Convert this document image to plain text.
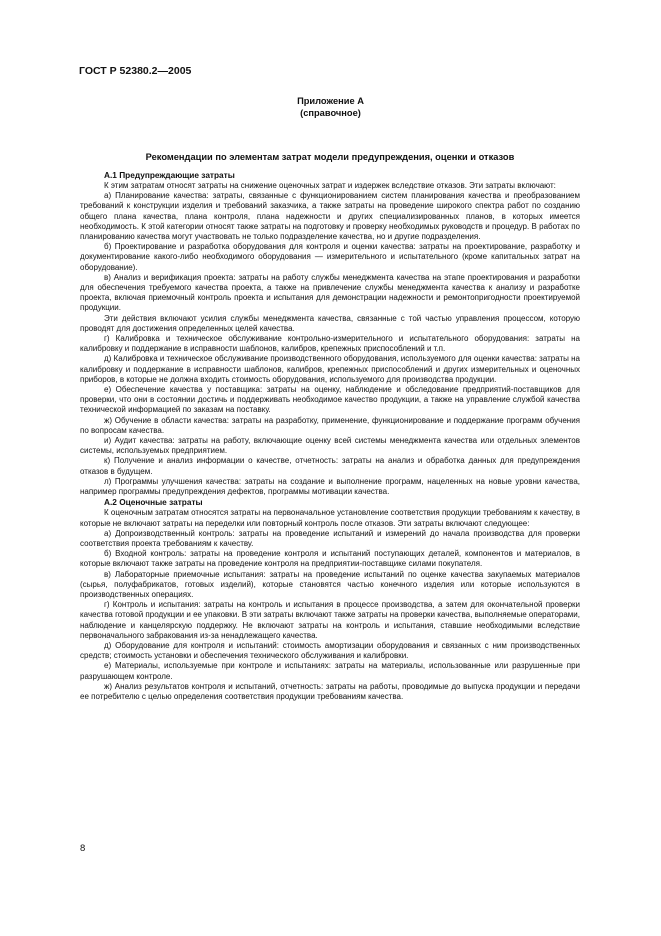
ГОСТ Р 52380.2—2005
Приложение А
(справочное)
Рекомендации по элементам затрат модели предупреждения, оценки и отказов
А.1 Предупреждающие затраты

К этим затратам относят затраты на снижение оценочных затрат и издержек вследствие отказов. Эти затраты включают:

а) Планирование качества: затраты, связанные с функционированием систем планирования качества и преобразованием требований к конструкции изделия и требований заказчика, а также затраты на проведение широкого спектра работ по созданию общего плана качества, плана контроля, плана надежности и других специализированных планов, в которых имеется необходимость. К этой категории относят также затраты на подготовку и проверку необходимых руководств и процедур. В работах по планированию качества могут участвовать не только подразделение качества, но и другие подразделения.

б) Проектирование и разработка оборудования для контроля и оценки качества: затраты на проектирование, разработку и документирование какого-либо необходимого оборудования — измерительного и испытательного (кроме капитальных затрат на оборудование).

в) Анализ и верификация проекта: затраты на работу службы менеджмента качества на этапе проектирования и разработки для обеспечения требуемого качества проекта, а также на привлечение службы менеджмента качества к анализу и разработке проекта, включая приемочный контроль проекта и испытания для демонстрации надежности и ремонтопригодности проектируемой продукции.

Эти действия включают усилия службы менеджмента качества, связанные с той частью управления процессом, которую проводят для достижения определенных целей качества.

г) Калибровка и техническое обслуживание контрольно-измерительного и испытательного оборудования: затраты на калибровку и поддержание в исправности шаблонов, калибров, крепежных приспособлений и т.п.

д) Калибровка и техническое обслуживание производственного оборудования, используемого для оценки качества: затраты на калибровку и поддержание в исправности шаблонов, калибров, крепежных приспособлений и других измерительных и оценочных приборов, в которые не должна входить стоимость оборудования, используемого для производства продукции.

е) Обеспечение качества у поставщика: затраты на оценку, наблюдение и обследование предприятий-поставщиков для проверки, что они в состоянии достичь и поддерживать необходимое качество продукции, а также на управление службой качества технической информацией по заказам на поставку.

ж) Обучение в области качества: затраты на разработку, применение, функционирование и поддержание программ обучения по вопросам качества.

и) Аудит качества: затраты на работу, включающие оценку всей системы менеджмента качества или отдельных элементов системы, используемых предприятием.

к) Получение и анализ информации о качестве, отчетность: затраты на анализ и обработка данных для предупреждения отказов в будущем.

л) Программы улучшения качества: затраты на создание и выполнение программ, нацеленных на новые уровни качества, например программы предупреждения дефектов, программы мотивации качества.

А.2 Оценочные затраты

К оценочным затратам относятся затраты на первоначальное установление соответствия продукции требованиям к качеству, в которые не включают затраты на переделки или повторный контроль после отказов. Эти затраты включают следующее:

а) Допроизводственный контроль: затраты на проведение испытаний и измерений до начала производства для проверки соответствия проекта требованиям к качеству.

б) Входной контроль: затраты на проведение контроля и испытаний поступающих деталей, компонентов и материалов, в которые включают также затраты на проведение контроля на предприятии-поставщике силами покупателя.

в) Лабораторные приемочные испытания: затраты на проведение испытаний по оценке качества закупаемых материалов (сырья, полуфабрикатов, готовых изделий), которые становятся частью конечного изделия или которые используются в производственных операциях.

г) Контроль и испытания: затраты на контроль и испытания в процессе производства, а затем для окончательной проверки качества готовой продукции и ее упаковки. В эти затраты включают также затраты на проверки качества, выполняемые операторами, наблюдение и канцелярскую поддержку. Не включают затраты на контроль и испытания, ставшие необходимыми вследствие первоначального забракования из-за ненадлежащего качества.

д) Оборудование для контроля и испытаний: стоимость амортизации оборудования и связанных с ним производственных средств; стоимость установки и обеспечения технического обслуживания и калибровки.

е) Материалы, используемые при контроле и испытаниях: затраты на материалы, использованные или разрушенные при разрушающем контроле.

ж) Анализ результатов контроля и испытаний, отчетность: затраты на работы, проводимые до выпуска продукции и передачи ее потребителю с целью определения соответствия продукции требованиям качества.

8
